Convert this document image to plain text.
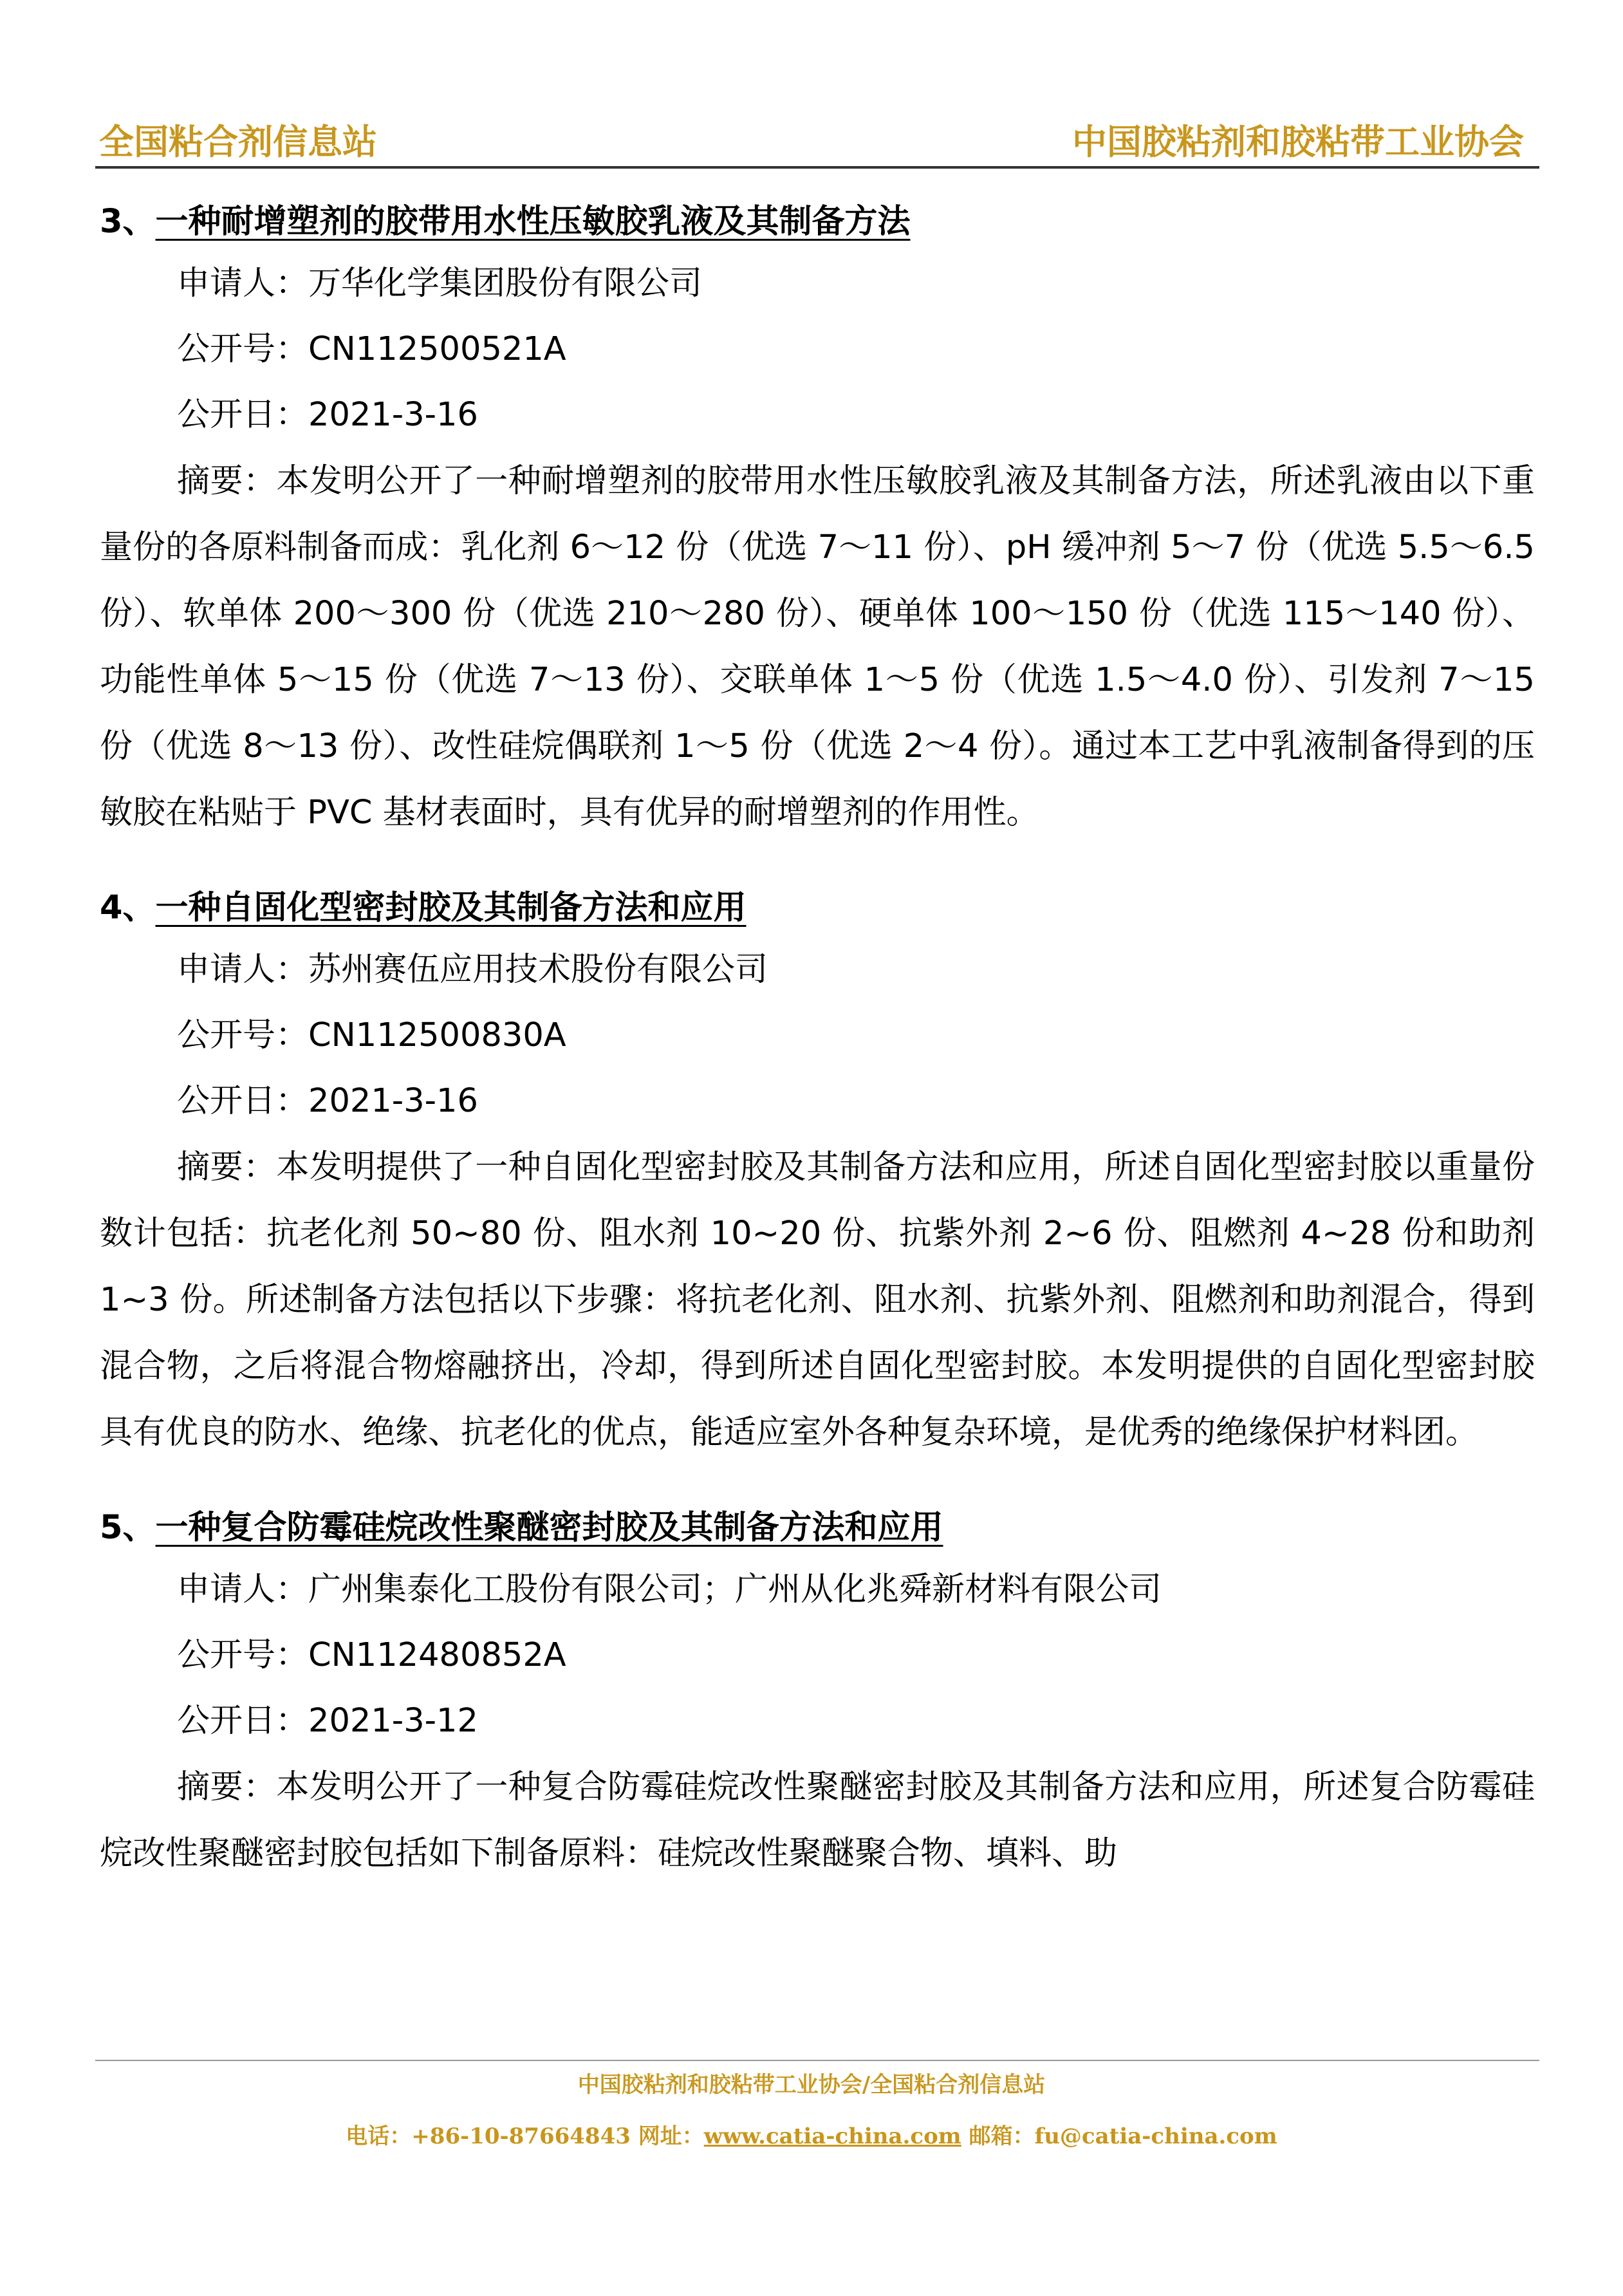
全国粘合剂信息站	中国胶粘剂和胶粘带工业协会
3、一种耐增塑剂的胶带用水性压敏胶乳液及其制备方法
申请人：万华化学集团股份有限公司
公开号：CN112500521A
公开日：2021-3-16

摘要：本发明公开了一种耐增塑剂的胶带用水性压敏胶乳液及其制备方法，所述乳液由以下重量份的各原料制备而成：乳化剂 6～12 份（优选 7～11 份）、pH 缓冲剂 5～7 份（优选 5.5～6.5 份）、软单体 200～300 份（优选 210～280 份）、硬单体 100～150 份（优选 115～140 份）、功能性单体 5～15 份（优选 7～13 份）、交联单体 1～5 份（优选 1.5～4.0 份）、引发剂 7～15 份（优选 8～13 份）、改性硅烷偶联剂 1～5 份（优选 2～4 份）。通过本工艺中乳液制备得到的压敏胶在粘贴于 PVC 基材表面时，具有优异的耐增塑剂的作用性。

4、一种自固化型密封胶及其制备方法和应用
申请人：苏州赛伍应用技术股份有限公司
公开号：CN112500830A
公开日：2021-3-16

摘要：本发明提供了一种自固化型密封胶及其制备方法和应用，所述自固化型密封胶以重量份数计包括：抗老化剂 50~80 份、阻水剂 10~20 份、抗紫外剂 2~6 份、阻燃剂 4~28 份和助剂 1~3 份。所述制备方法包括以下步骤：将抗老化剂、阻水剂、抗紫外剂、阻燃剂和助剂混合，得到混合物，之后将混合物熔融挤出，冷却，得到所述自固化型密封胶。本发明提供的自固化型密封胶具有优良的防水、绝缘、抗老化的优点，能适应室外各种复杂环境，是优秀的绝缘保护材料团。

5、一种复合防霉硅烷改性聚醚密封胶及其制备方法和应用
申请人：广州集泰化工股份有限公司；广州从化兆舜新材料有限公司
公开号：CN112480852A
公开日：2021-3-12

摘要：本发明公开了一种复合防霉硅烷改性聚醚密封胶及其制备方法和应用，所述复合防霉硅烷改性聚醚密封胶包括如下制备原料：硅烷改性聚醚聚合物、填料、助

中国胶粘剂和胶粘带工业协会/全国粘合剂信息站
电话：+86-10-87664843 网址：www.catia-china.com 邮箱：fu@catia-china.com
